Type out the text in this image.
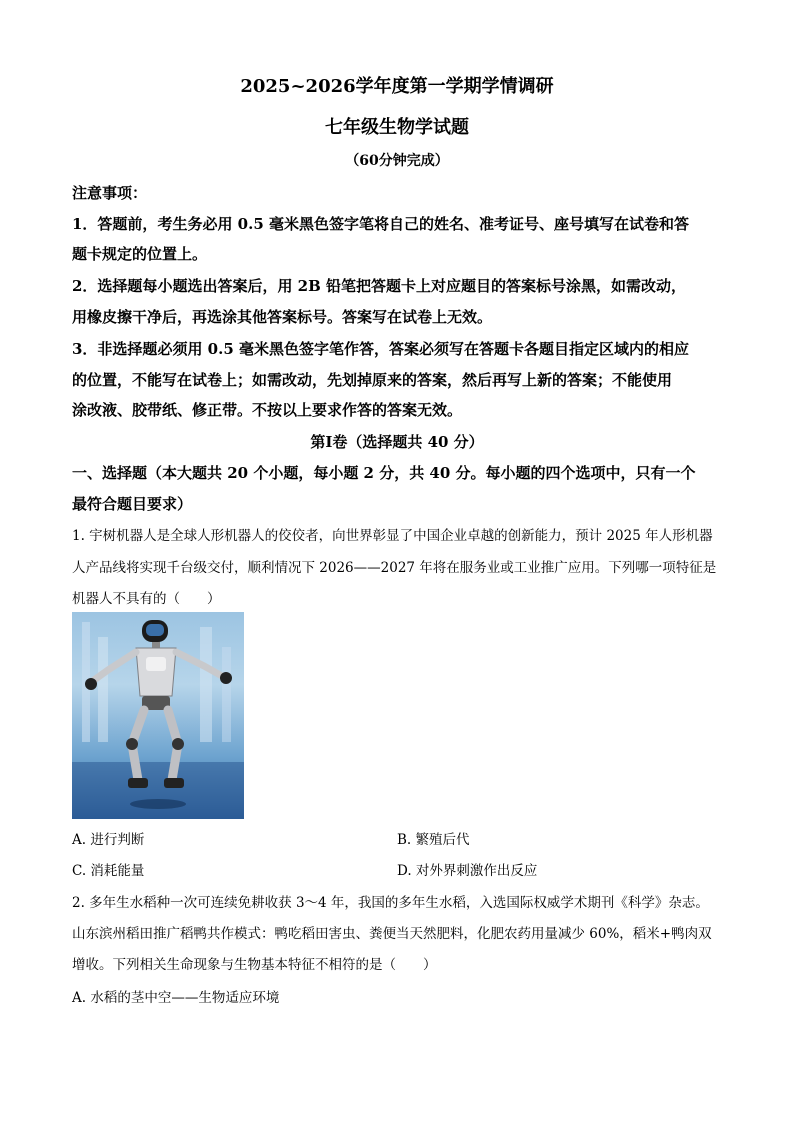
2025~2026学年度第一学期学情调研
七年级生物学试题
（60分钟完成）
注意事项：
1．答题前，考生务必用 0.5 毫米黑色签字笔将自己的姓名、准考证号、座号填写在试卷和答
题卡规定的位置上。
2．选择题每小题选出答案后，用 2B 铅笔把答题卡上对应题目的答案标号涂黑，如需改动，
用橡皮擦干净后，再选涂其他答案标号。答案写在试卷上无效。
3．非选择题必须用 0.5 毫米黑色签字笔作答，答案必须写在答题卡各题目指定区域内的相应
的位置，不能写在试卷上；如需改动，先划掉原来的答案，然后再写上新的答案；不能使用
涂改液、胶带纸、修正带。不按以上要求作答的答案无效。
第Ⅰ卷（选择题共 40 分）
一、选择题（本大题共 20 个小题，每小题 2 分，共 40 分。每小题的四个选项中，只有一个
最符合题目要求）
1. 宇树机器人是全球人形机器人的佼佼者，向世界彰显了中国企业卓越的创新能力，预计 2025 年人形机器
人产品线将实现千台级交付，顺利情况下 2026——2027 年将在服务业或工业推广应用。下列哪一项特征是
机器人不具有的（　　）
A. 进行判断	B. 繁殖后代
C. 消耗能量	D. 对外界刺激作出反应
2. 多年生水稻种一次可连续免耕收获 3～4 年，我国的多年生水稻，入选国际权威学术期刊《科学》杂志。
山东滨州稻田推广稻鸭共作模式：鸭吃稻田害虫、粪便当天然肥料，化肥农药用量减少 60%，稻米+鸭肉双
增收。下列相关生命现象与生物基本特征不相符的是（　　）
A. 水稻的茎中空——生物适应环境
